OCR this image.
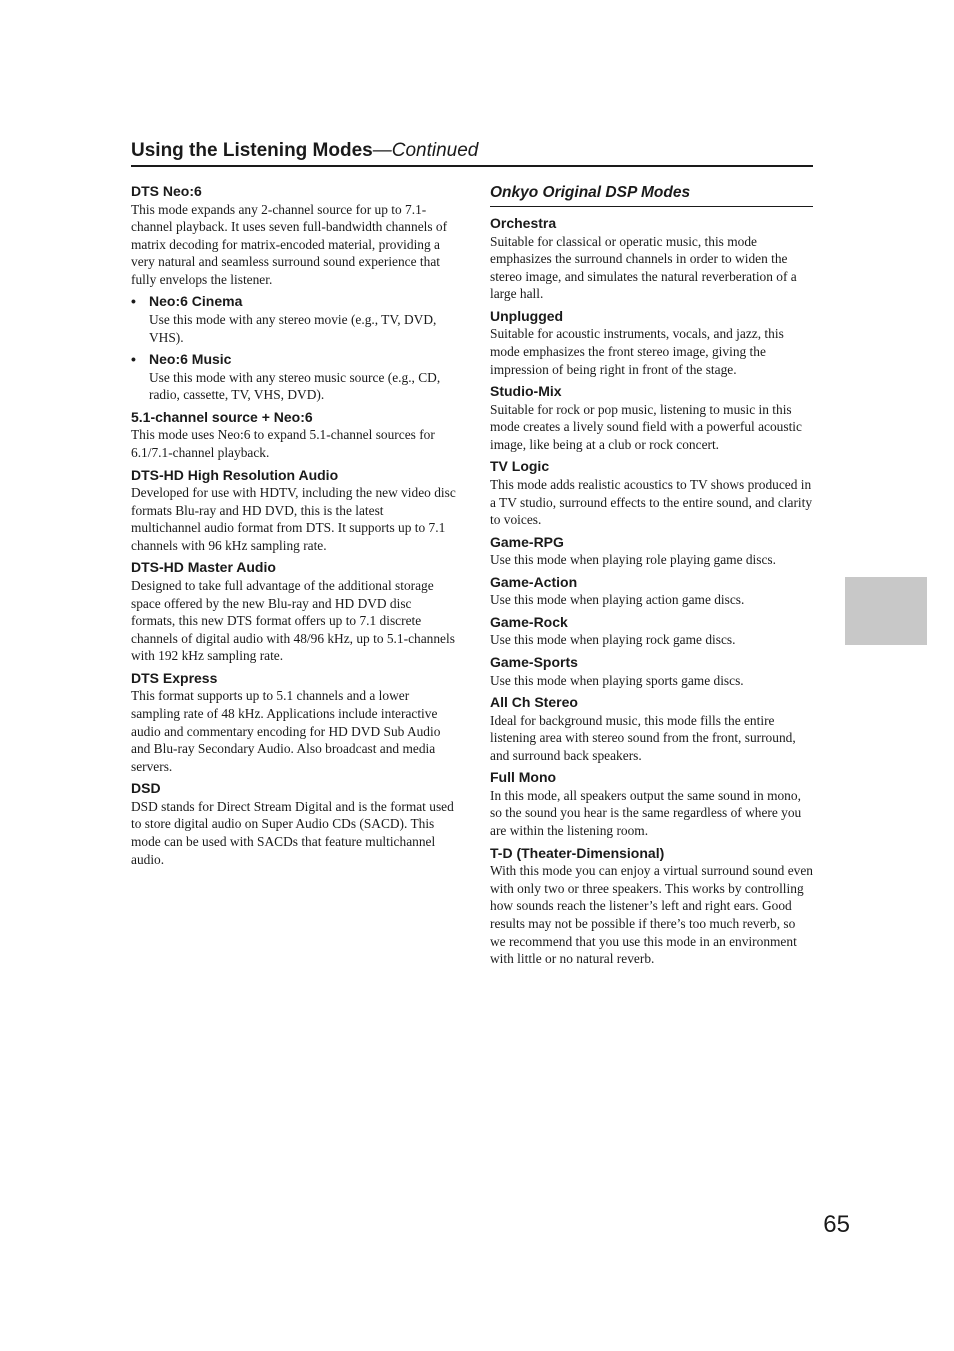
Using the Listening Modes—Continued
DTS Neo:6
This mode expands any 2-channel source for up to 7.1-channel playback. It uses seven full-bandwidth channels of matrix decoding for matrix-encoded material, providing a very natural and seamless surround sound experience that fully envelops the listener.
• Neo:6 Cinema
Use this mode with any stereo movie (e.g., TV, DVD, VHS).
• Neo:6 Music
Use this mode with any stereo music source (e.g., CD, radio, cassette, TV, VHS, DVD).
5.1-channel source + Neo:6
This mode uses Neo:6 to expand 5.1-channel sources for 6.1/7.1-channel playback.
DTS-HD High Resolution Audio
Developed for use with HDTV, including the new video disc formats Blu-ray and HD DVD, this is the latest multichannel audio format from DTS. It supports up to 7.1 channels with 96 kHz sampling rate.
DTS-HD Master Audio
Designed to take full advantage of the additional storage space offered by the new Blu-ray and HD DVD disc formats, this new DTS format offers up to 7.1 discrete channels of digital audio with 48/96 kHz, up to 5.1-channels with 192 kHz sampling rate.
DTS Express
This format supports up to 5.1 channels and a lower sampling rate of 48 kHz. Applications include interactive audio and commentary encoding for HD DVD Sub Audio and Blu-ray Secondary Audio. Also broadcast and media servers.
DSD
DSD stands for Direct Stream Digital and is the format used to store digital audio on Super Audio CDs (SACD). This mode can be used with SACDs that feature multichannel audio.
Onkyo Original DSP Modes
Orchestra
Suitable for classical or operatic music, this mode emphasizes the surround channels in order to widen the stereo image, and simulates the natural reverberation of a large hall.
Unplugged
Suitable for acoustic instruments, vocals, and jazz, this mode emphasizes the front stereo image, giving the impression of being right in front of the stage.
Studio-Mix
Suitable for rock or pop music, listening to music in this mode creates a lively sound field with a powerful acoustic image, like being at a club or rock concert.
TV Logic
This mode adds realistic acoustics to TV shows produced in a TV studio, surround effects to the entire sound, and clarity to voices.
Game-RPG
Use this mode when playing role playing game discs.
Game-Action
Use this mode when playing action game discs.
Game-Rock
Use this mode when playing rock game discs.
Game-Sports
Use this mode when playing sports game discs.
All Ch Stereo
Ideal for background music, this mode fills the entire listening area with stereo sound from the front, surround, and surround back speakers.
Full Mono
In this mode, all speakers output the same sound in mono, so the sound you hear is the same regardless of where you are within the listening room.
T-D (Theater-Dimensional)
With this mode you can enjoy a virtual surround sound even with only two or three speakers. This works by controlling how sounds reach the listener’s left and right ears. Good results may not be possible if there’s too much reverb, so we recommend that you use this mode in an environment with little or no natural reverb.
65
